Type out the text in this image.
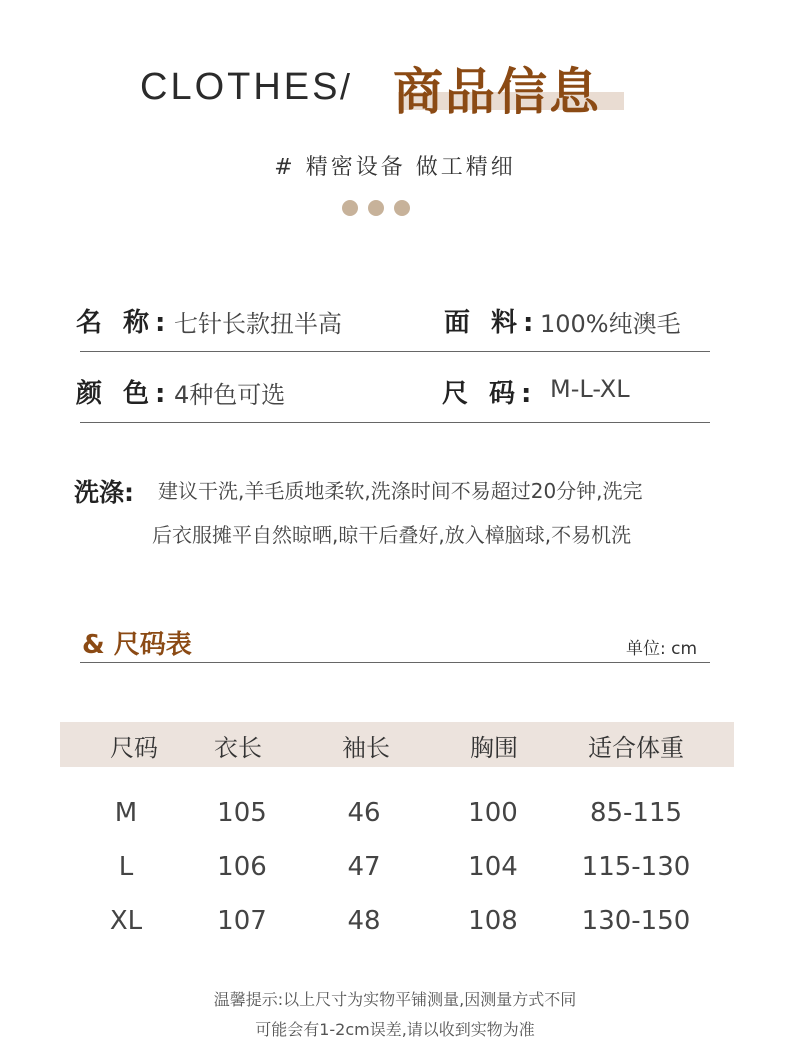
CLOTHES / 商品信息
# 精密设备 做工精细
名 称: 七针长款扭半高	面 料: 100%纯澳毛
颜 色: 4种色可选	尺 码: M-L-XL
洗涤: 建议干洗,羊毛质地柔软,洗涤时间不易超过20分钟,洗完
后衣服摊平自然晾晒,晾干后叠好,放入樟脑球,不易机洗
& 尺码表	单位: cm
尺码	衣长	袖长	胸围	适合体重
M	105	46	100	85-115
L	106	47	104	115-130
XL	107	48	108	130-150
温馨提示:以上尺寸为实物平铺测量,因测量方式不同
可能会有1-2cm误差,请以收到实物为准
